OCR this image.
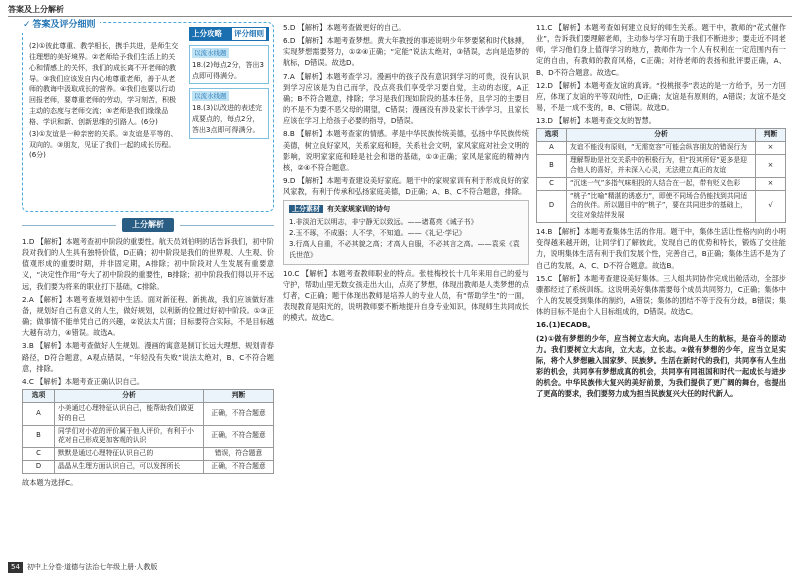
答案及上分解析
✓ 答案及评分细则

(2)①彼此尊重、教学相长，携手共进，是师生交往理想的美好境界。②老师给予我们生活上的关心和情感上的关怀，我们的成长离不开老师的教导。③我们应该发自内心地尊重老师，善于从老师的教诲中汲取成长的营养。④我们也要以行动回报老师，要尊重老师的劳动，学习刻苦，积极主动的态度与老师交流；⑤老师是我们缘缘品格、学识和新、创新思维的引路人。(6分)

(3)①友谊是一种亲密的关系。②友谊是平等的、双向的。③朋友，见证了我们一起的成长历程。(6分)

上分攻略 评分细则
以流水线题
18.(2)每点2分，答出3点即可得满分。
以流水线题
18.(3)以改进的表述完成要点的，每点2分，答出3点即可得满分。
上分解析

1.D 【解析】本题考查初中阶段的重要性。航天员刘伯明的话告诉我们，初中阶段对我们的人生具有独特价值，D正确；初中阶段是我们的世界观、人生观、价值观形成的重要时期，并非固定期，A排除；初中阶段对人生发展有重要意义，“决定性作用”夸大了初中阶段的重要性，B排除；初中阶段我们得以开不远远，我们要为将来的职业打下基础，C排除。

2.A 【解析】本题考查规划初中生活。面对新征程、新挑战，我们应该做好准备，规划好自己有意义的人生，做好规划，以利新的位置过好初中阶段。①③正确；做事情不能单凭自己的兴趣，②说法太片面；目标要符合实际，不是目标越大越有动力，④错误。故选A。

3.B 【解析】本题考查做好人生规划。漫画的寓意是制订长远大理想、规划青春路径，D符合题意，A观点错误，“年轻没有失败”说法太绝对，B、C不符合题意，排除。

4.C 【解析】本题考查正确认识自己。

选项	分析	判断
A	小美通过心理特征认识自己，能帮助我们做更好的自己	正确，不符合题意
B	同学们对小花的评价属于他人评价，有利于小花对自己形成更加客观的认识	正确，不符合题意
C	默默是通过心理特征认识自己的	错误，符合题意
D	晶晶从生理方面认识自己，可以发挥所长	正确，不符合题意

故本题为选择C。

5.D 【解析】本题考查做更好的自己。

6.D 【解析】本题考查梦想。黄大年教授的事迹说明少年梦要紧和时代脉搏，实现梦想需要努力，①②④正确；“定能”说法太绝对，③错误，志向是造梦的航标，D错误。故选D。

7.A 【解析】本题考查学习。漫画中的孩子没有意识到学习的可贵，没有认识到学习应该是为自己而学，没点亮我们享受学习要自觉，主动的态度，A正确；B不符合题意，排除；学习是我们现如阶段的基本任务，且学习的主要目的不是不为要不恶父母的期望，C错误；漫画没有涉及家长干涉学习，且家长应该在学习上给孩子必要的指导，D错误。

8.B 【解析】本题考查家的情感。孝是中华民族传统美德，弘扬中华民族传统美德，树立良好家风，关系家庭和睦，关系社会文明，家风家庭对社会文明的影响，说明家家庭和睦是社会和谐的基础，①③正确；家风是家庭的精神内核，②④不符合题意。

9.D 【解析】本题考查建设美好家庭。题干中的家规家训有利于形成良好的家风家教，有利于传承和弘扬家庭美德，D正确；A、B、C不符合题意，排除。

上分素材 有关家规家训的诗句
1.非淡泊无以明志，非宁静无以致远。——诸葛亮《诫子书》
2.玉不琢，不成器；人不学，不知道。——《礼记·学记》
3.行高人自重，不必其貌之高；才高人自服，不必其言之高。——袁采《袁氏世范》

10.C 【解析】本题考查教师职业的特点。张桂梅校长十几年来用自己的爱与守护，帮助山里无数女孩走出大山，点亮了梦想，体现出教师是人类梦想的点灯者，C正确；题干体现出教师是培养人的专业人员，有“帮助学生”的一面，表现教育是阳光的，说明教师要不断地提升自身专业知识，体现师生共同成长的模式。故选C。

11.C 【解析】本题考查如何建立良好的师生关系。题干中，教师的“花式催作业”，告诉我们要理解老师，主动参与学习有助于我们不断进步；要走近不同老师，学习他们身上值得学习的地方，教师作为一个人有权利在一定范围内有一定的自由，有教师的教育风格，C正确；对待老师的表扬和批评要正确，A、B、D不符合题意。故选C。

12.D 【解析】本题考查友谊的真谛。“投桃报李”表达的是一方给予，另一方回应，体现了友谊的平等双向性，D正确；友谊是有原则的，A错误；友谊不是交易，不是一成不变的，B、C错误。故选D。

13.D 【解析】本题考查交友的智慧。

选项	分析	判断
A	友谊不能没有原则，“无需宽容”可能会纵容朋友的错误行为	×
B	理解帮助是社交关系中的积极行为，但“投其所好”更多是迎合他人的喜好，并未深入心灵，无法建立真正的友谊	×
C	“沉迷一气”多指气味相投的人结合在一起，带有贬义色彩	×
D	“桃子”比喻“精湛的诱惑力”，即使不同场合仍能找到共同适合的伙伴。所以题目中的“桃子”，要在共同进步的基础上，交往对象结伴发展	√

14.B 【解析】本题考查集体生活的作用。题干中，集体生活让性格内向的小明变得越来越开朗，让同学们了解彼此，发现自己的优势和特长，锻炼了交往能力，说明集体生活有利于我们发展个性，完善自己，B正确；集体生活不是为了自己的发展，A、C、D不符合题意。故选B。

15.C 【解析】本题考查建设美好集体。三人组共同协作完成出舱活动，全部步骤都经过了系统训练。这说明美好集体需要每个成员共同努力，C正确；集体中个人的发展受到集体的制约，A错误；集体的团结不等于没有分歧，B错误；集体的目标不是由个人目标组成的，D错误。故选C。

16.(1)ECADB。

(2)①做有梦想的少年，应当树立志大向。志向是人生的航标，是奋斗的原动力。我们要树立大志向，立大志，立长志。②做有梦想的少年，应当立足实际，将个人梦想融入国家梦、民族梦。生活在新时代的我们，共同享有人生出彩的机会，共同享有梦想成真的机会，共同享有同祖国和时代一起成长与进步的机会。中华民族伟大复兴的美好前景，为我们提供了更广阔的舞台，也提出了更高的要求，我们要努力成为担当民族复兴大任的时代新人。

54	初中上分卷·道德与法治七年级上册·人教版
